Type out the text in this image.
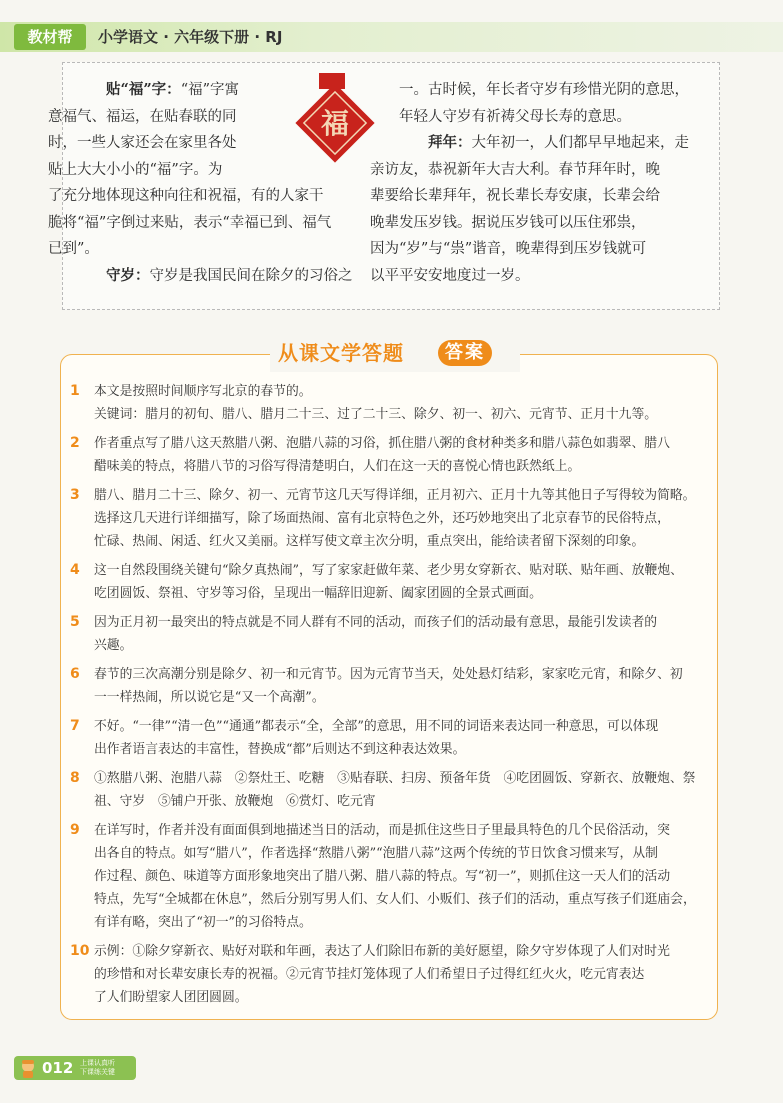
教材帮	小学语文 · 六年级下册 · RJ
福

贴“福”字：“福”字寓
意福气、福运，在贴春联的同
时，一些人家还会在家里各处
贴上大大小小的“福”字。为
了充分地体现这种向往和祝福，有的人家干
脆将“福”字倒过来贴，表示“幸福已到、福气
已到”。

守岁：守岁是我国民间在除夕的习俗之

一。古时候，年长者守岁有珍惜光阴的意思，
年轻人守岁有祈祷父母长寿的意思。

拜年：大年初一，人们都早早地起来，走
亲访友，恭祝新年大吉大利。春节拜年时，晚
辈要给长辈拜年，祝长辈长寿安康，长辈会给
晚辈发压岁钱。据说压岁钱可以压住邪祟，
因为“岁”与“祟”谐音，晚辈得到压岁钱就可
以平平安安地度过一岁。

从课文学答题	答案
1	本文是按照时间顺序写北京的春节的。
关键词：腊月的初旬、腊八、腊月二十三、过了二十三、除夕、初一、初六、元宵节、正月十九等。
2	作者重点写了腊八这天熬腊八粥、泡腊八蒜的习俗，抓住腊八粥的食材种类多和腊八蒜色如翡翠、腊八
醋味美的特点，将腊八节的习俗写得清楚明白，人们在这一天的喜悦心情也跃然纸上。
3	腊八、腊月二十三、除夕、初一、元宵节这几天写得详细，正月初六、正月十九等其他日子写得较为简略。
选择这几天进行详细描写，除了场面热闹、富有北京特色之外，还巧妙地突出了北京春节的民俗特点，
忙碌、热闹、闲适、红火又美丽。这样写使文章主次分明，重点突出，能给读者留下深刻的印象。
4	这一自然段围绕关键句“除夕真热闹”，写了家家赶做年菜、老少男女穿新衣、贴对联、贴年画、放鞭炮、
吃团圆饭、祭祖、守岁等习俗，呈现出一幅辞旧迎新、阖家团圆的全景式画面。
5	因为正月初一最突出的特点就是不同人群有不同的活动，而孩子们的活动最有意思，最能引发读者的
兴趣。
6	春节的三次高潮分别是除夕、初一和元宵节。因为元宵节当天，处处悬灯结彩，家家吃元宵，和除夕、初
一一样热闹，所以说它是“又一个高潮”。
7	不好。“一律”“清一色”“通通”都表示“全，全部”的意思，用不同的词语来表达同一种意思，可以体现
出作者语言表达的丰富性，替换成“都”后则达不到这种表达效果。
8	①熬腊八粥、泡腊八蒜　②祭灶王、吃糖　③贴春联、扫房、预备年货　④吃团圆饭、穿新衣、放鞭炮、祭
祖、守岁　⑤铺户开张、放鞭炮　⑥赏灯、吃元宵
9	在详写时，作者并没有面面俱到地描述当日的活动，而是抓住这些日子里最具特色的几个民俗活动，突
出各自的特点。如写“腊八”，作者选择“熬腊八粥”“泡腊八蒜”这两个传统的节日饮食习惯来写，从制
作过程、颜色、味道等方面形象地突出了腊八粥、腊八蒜的特点。写“初一”，则抓住这一天人们的活动
特点，先写“全城都在休息”，然后分别写男人们、女人们、小贩们、孩子们的活动，重点写孩子们逛庙会，
有详有略，突出了“初一”的习俗特点。
10 示例：①除夕穿新衣、贴好对联和年画，表达了人们除旧布新的美好愿望，除夕守岁体现了人们对时光
的珍惜和对长辈安康长寿的祝福。②元宵节挂灯笼体现了人们希望日子过得红红火火，吃元宵表达
了人们盼望家人团团圆圆。
012 上课认真听
下课练关键
